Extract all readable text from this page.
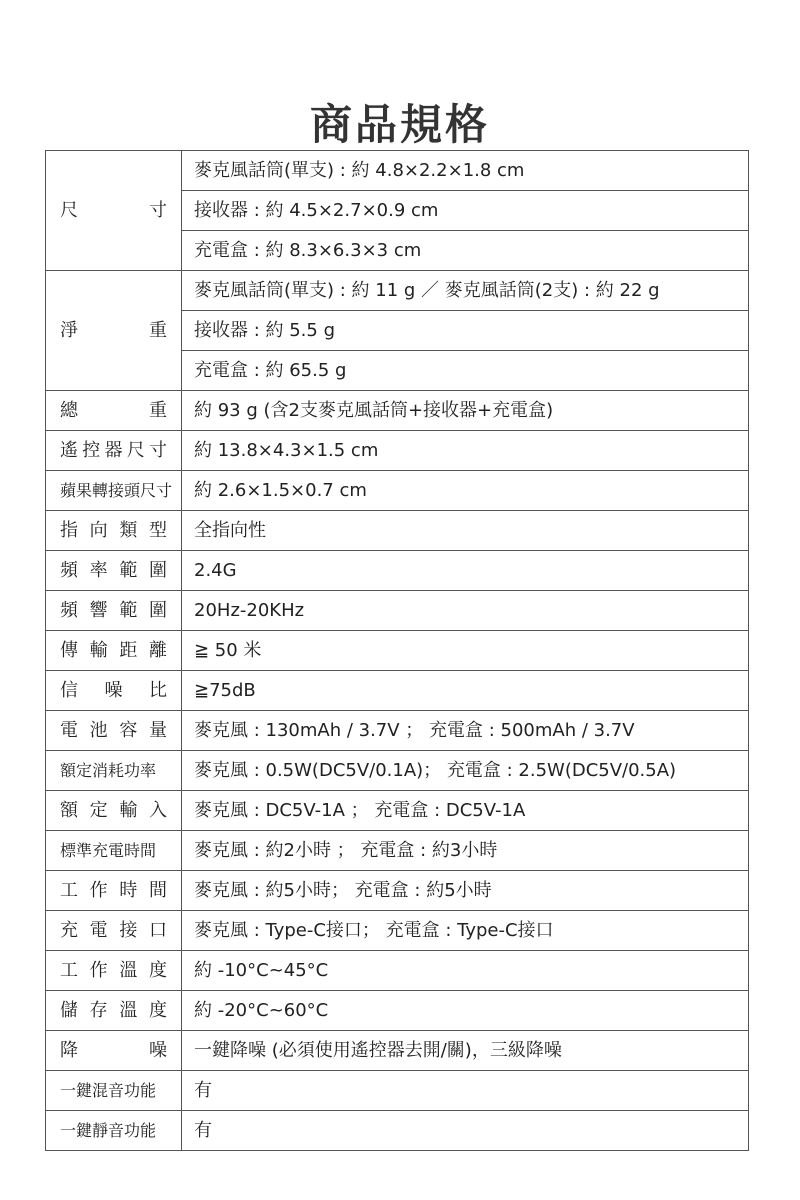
商品規格
尺 寸	麥克風話筒(單支) : 約 4.8×2.2×1.8 cm
	接收器 : 約 4.5×2.7×0.9 cm
	充電盒 : 約 8.3×6.3×3 cm

淨 重	麥克風話筒(單支) : 約 11 g ／ 麥克風話筒(2支) : 約 22 g
	接收器 : 約 5.5 g
	充電盒 : 約 65.5 g

總 重	約 93 g (含2支麥克風話筒+接收器+充電盒)

遙 控 器 尺 寸	約 13.8×4.3×1.5 cm

蘋果轉接頭尺寸	約 2.6×1.5×0.7 cm

指 向 類 型	全指向性

頻 率 範 圍	2.4G

頻 響 範 圍	20Hz-20KHz

傳 輸 距 離	≧ 50 米

信 噪 比	≧75dB

電 池 容 量	麥克風 : 130mAh / 3.7V ； 充電盒 : 500mAh / 3.7V

額定消耗功率	麥克風 : 0.5W(DC5V/0.1A)； 充電盒 : 2.5W(DC5V/0.5A)

額 定 輸 入	麥克風 : DC5V-1A ； 充電盒 : DC5V-1A

標準充電時間	麥克風 : 約2小時 ； 充電盒 : 約3小時

工 作 時 間	麥克風 : 約5小時； 充電盒 : 約5小時

充 電 接 口	麥克風 : Type-C接口； 充電盒 : Type-C接口

工 作 溫 度	約 -10°C~45°C

儲 存 溫 度	約 -20°C~60°C

降 噪	一鍵降噪 (必須使用遙控器去開/關)，三級降噪

一鍵混音功能	有

一鍵靜音功能	有
